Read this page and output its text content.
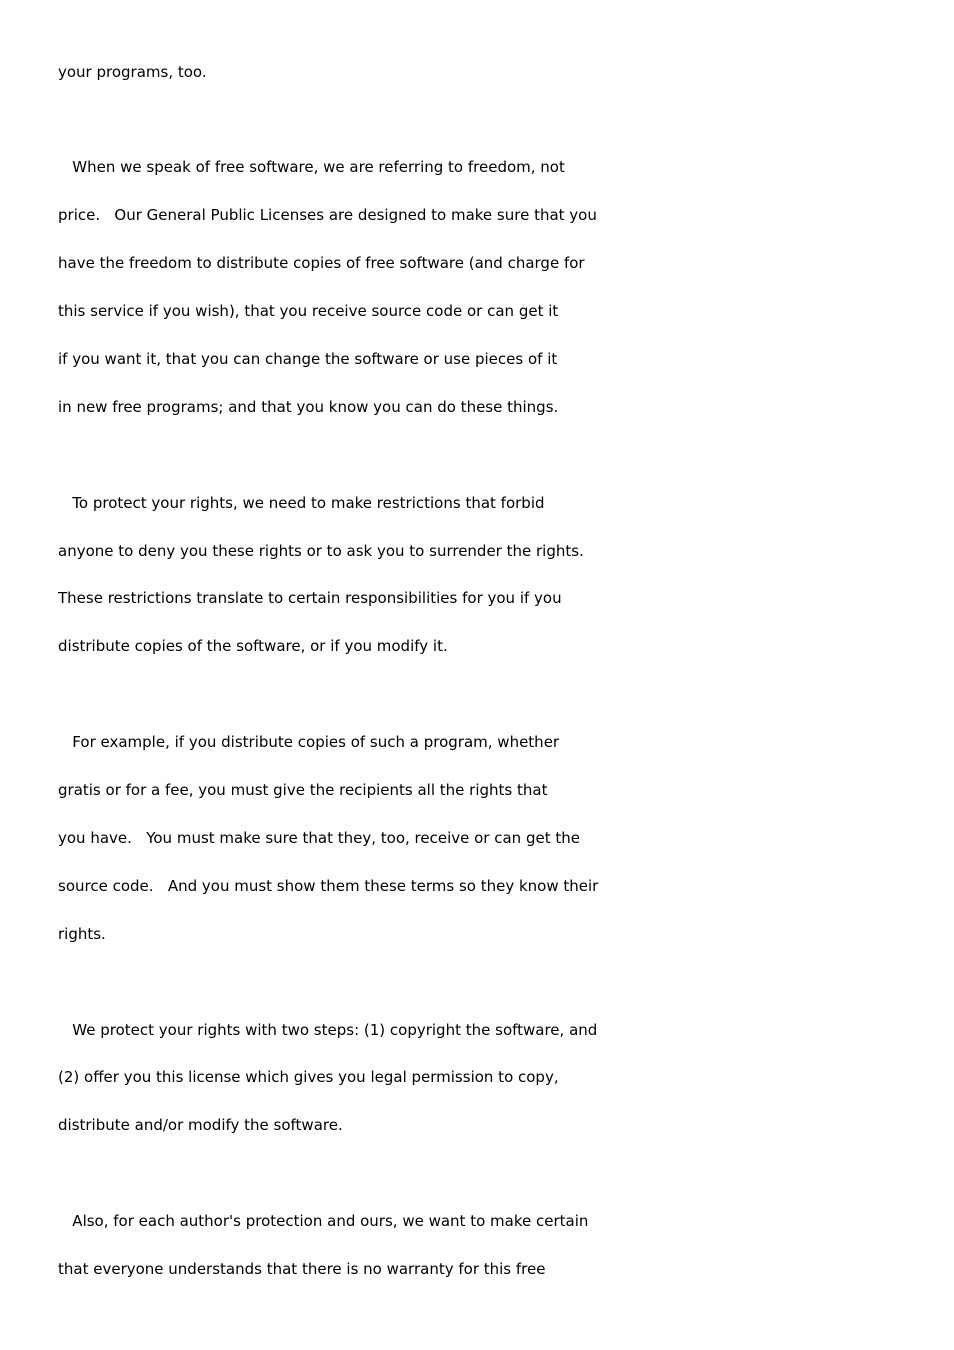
your programs, too.

When we speak of free software, we are referring to freedom, not

price.   Our General Public Licenses are designed to make sure that you

have the freedom to distribute copies of free software (and charge for

this service if you wish), that you receive source code or can get it

if you want it, that you can change the software or use pieces of it

in new free programs; and that you know you can do these things.

To protect your rights, we need to make restrictions that forbid

anyone to deny you these rights or to ask you to surrender the rights.

These restrictions translate to certain responsibilities for you if you

distribute copies of the software, or if you modify it.

For example, if you distribute copies of such a program, whether

gratis or for a fee, you must give the recipients all the rights that

you have.   You must make sure that they, too, receive or can get the

source code.   And you must show them these terms so they know their

rights.

We protect your rights with two steps: (1) copyright the software, and

(2) offer you this license which gives you legal permission to copy,

distribute and/or modify the software.

Also, for each author's protection and ours, we want to make certain

that everyone understands that there is no warranty for this free
